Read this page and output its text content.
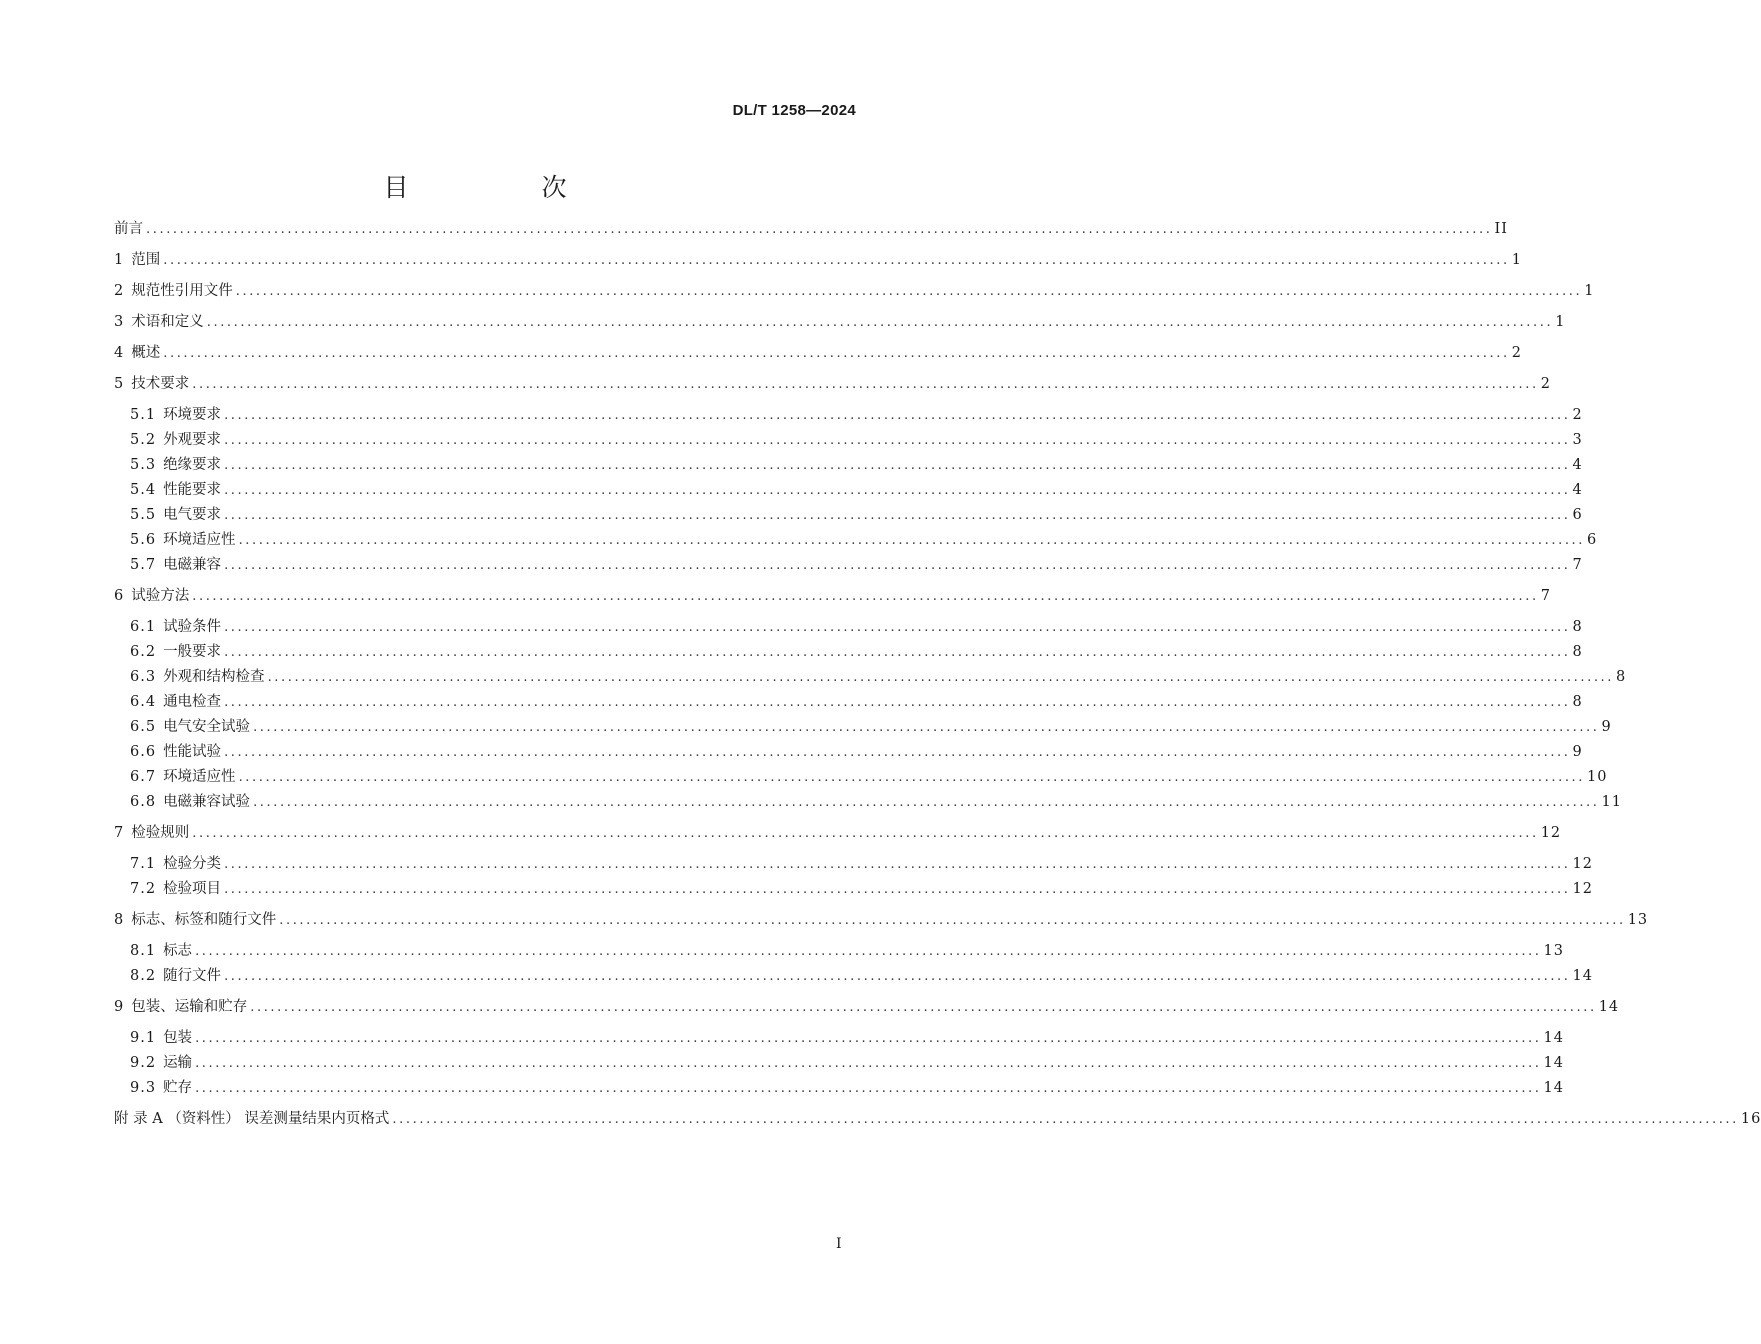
DL/T 1258—2024
目　次
前言 ........................................................................................................................................................................................................ II
1 范围 ........................................................................................................................................................................................................ 1
2 规范性引用文件 ........................................................................................................................................................................................................ 1
3 术语和定义 ........................................................................................................................................................................................................ 1
4 概述 ........................................................................................................................................................................................................ 2
5 技术要求 ........................................................................................................................................................................................................ 2
5.1 环境要求 ........................................................................................................................................................................................................ 2
5.2 外观要求 ........................................................................................................................................................................................................ 3
5.3 绝缘要求 ........................................................................................................................................................................................................ 4
5.4 性能要求 ........................................................................................................................................................................................................ 4
5.5 电气要求 ........................................................................................................................................................................................................ 6
5.6 环境适应性 ........................................................................................................................................................................................................ 6
5.7 电磁兼容 ........................................................................................................................................................................................................ 7
6 试验方法 ........................................................................................................................................................................................................ 7
6.1 试验条件 ........................................................................................................................................................................................................ 8
6.2 一般要求 ........................................................................................................................................................................................................ 8
6.3 外观和结构检查 ........................................................................................................................................................................................................ 8
6.4 通电检查 ........................................................................................................................................................................................................ 8
6.5 电气安全试验 ........................................................................................................................................................................................................ 9
6.6 性能试验 ........................................................................................................................................................................................................ 9
6.7 环境适应性 ........................................................................................................................................................................................................ 10
6.8 电磁兼容试验 ........................................................................................................................................................................................................ 11
7 检验规则 ........................................................................................................................................................................................................ 12
7.1 检验分类 ........................................................................................................................................................................................................ 12
7.2 检验项目 ........................................................................................................................................................................................................ 12
8 标志、标签和随行文件 ........................................................................................................................................................................................................ 13
8.1 标志 ........................................................................................................................................................................................................ 13
8.2 随行文件 ........................................................................................................................................................................................................ 14
9 包装、运输和贮存 ........................................................................................................................................................................................................ 14
9.1 包装 ........................................................................................................................................................................................................ 14
9.2 运输 ........................................................................................................................................................................................................ 14
9.3 贮存 ........................................................................................................................................................................................................ 14
附 录 A （资料性） 误差测量结果内页格式 ........................................................................................................................................................................................................ 16
I
